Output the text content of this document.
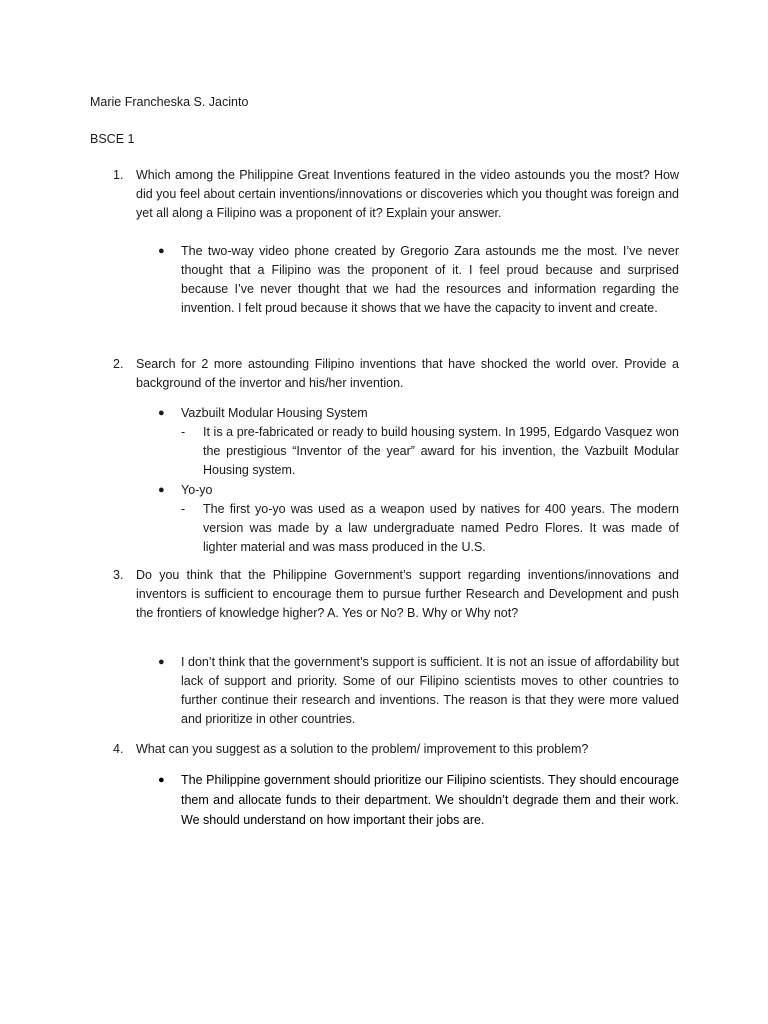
Marie Francheska S. Jacinto
BSCE 1
1. Which among the Philippine Great Inventions featured in the video astounds you the most? How did you feel about certain inventions/innovations or discoveries which you thought was foreign and yet all along a Filipino was a proponent of it? Explain your answer.
● The two-way video phone created by Gregorio Zara astounds me the most. I’ve never thought that a Filipino was the proponent of it. I feel proud because and surprised because I’ve never thought that we had the resources and information regarding the invention. I felt proud because it shows that we have the capacity to invent and create.
2. Search for 2 more astounding Filipino inventions that have shocked the world over. Provide a background of the invertor and his/her invention.
● Vazbuilt Modular Housing System
- It is a pre-fabricated or ready to build housing system. In 1995, Edgardo Vasquez won the prestigious “Inventor of the year” award for his invention, the Vazbuilt Modular Housing system.
● Yo-yo
- The first yo-yo was used as a weapon used by natives for 400 years. The modern version was made by a law undergraduate named Pedro Flores. It was made of lighter material and was mass produced in the U.S.
3. Do you think that the Philippine Government’s support regarding inventions/innovations and inventors is sufficient to encourage them to pursue further Research and Development and push the frontiers of knowledge higher? A. Yes or No? B. Why or Why not?
● I don’t think that the government’s support is sufficient. It is not an issue of affordability but lack of support and priority. Some of our Filipino scientists moves to other countries to further continue their research and inventions. The reason is that they were more valued and prioritize in other countries.
4. What can you suggest as a solution to the problem/ improvement to this problem?
● The Philippine government should prioritize our Filipino scientists. They should encourage them and allocate funds to their department. We shouldn’t degrade them and their work. We should understand on how important their jobs are.
